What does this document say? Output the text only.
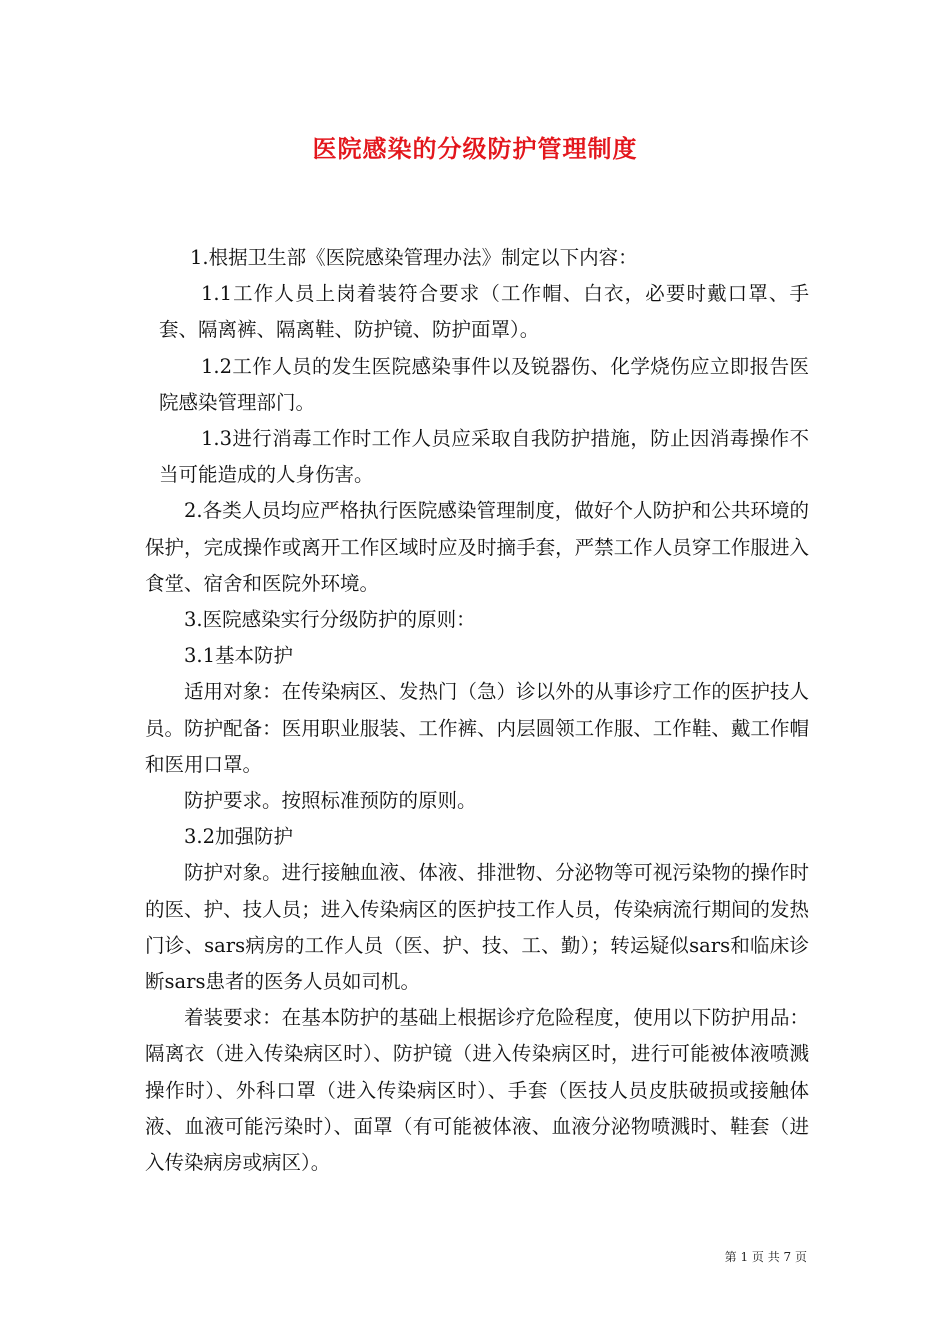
医院感染的分级防护管理制度

1.根据卫生部《医院感染管理办法》制定以下内容：

1.1工作人员上岗着装符合要求（工作帽、白衣，必要时戴口罩、手套、隔离裤、隔离鞋、防护镜、防护面罩）。

1.2工作人员的发生医院感染事件以及锐器伤、化学烧伤应立即报告医院感染管理部门。

1.3进行消毒工作时工作人员应采取自我防护措施，防止因消毒操作不当可能造成的人身伤害。

2.各类人员均应严格执行医院感染管理制度，做好个人防护和公共环境的保护，完成操作或离开工作区域时应及时摘手套，严禁工作人员穿工作服进入食堂、宿舍和医院外环境。

3.医院感染实行分级防护的原则：

3.1基本防护

适用对象：在传染病区、发热门（急）诊以外的从事诊疗工作的医护技人员。防护配备：医用职业服装、工作裤、内层圆领工作服、工作鞋、戴工作帽和医用口罩。

防护要求。按照标准预防的原则。

3.2加强防护

防护对象。进行接触血液、体液、排泄物、分泌物等可视污染物的操作时的医、护、技人员；进入传染病区的医护技工作人员，传染病流行期间的发热门诊、sars病房的工作人员（医、护、技、工、勤）；转运疑似sars和临床诊断sars患者的医务人员如司机。

着装要求：在基本防护的基础上根据诊疗危险程度，使用以下防护用品：隔离衣（进入传染病区时）、防护镜（进入传染病区时，进行可能被体液喷溅操作时）、外科口罩（进入传染病区时）、手套（医技人员皮肤破损或接触体液、血液可能污染时）、面罩（有可能被体液、血液分泌物喷溅时、鞋套（进入传染病房或病区）。

第 1 页 共 7 页
